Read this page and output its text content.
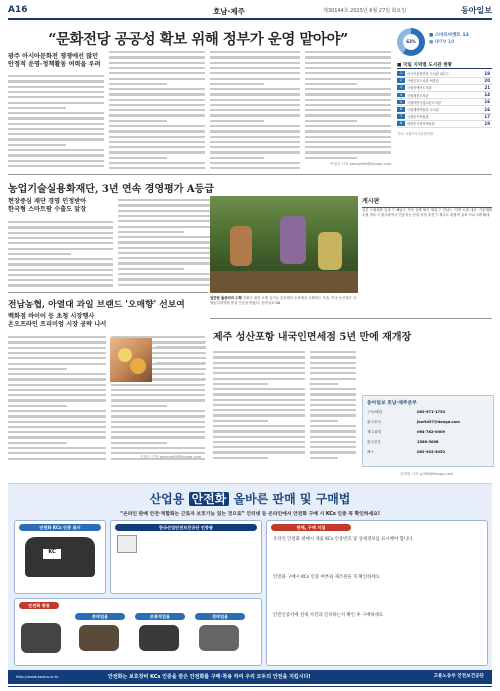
A16	호남·제주	제30144호 2025년 6월 27일 화요일	동아일보
“문화전당 공공성 확보 위해 정부가 운영 맡아야”
광주 아시아문화전 쟁쟁에선 많던
안정적 운영·정책활동 여력을 우려
이형주 기자 peneye09@donga.com
63%
■ 스마트마켓트 13
■ IPTV 18
■ 국립 지역별 도서관 현황
1	아시아문화전당 도서관 (광주)	18
2	국립중앙도서관 세종관	20
3	국립장애인도서관	21
4	국립세종도서관	14
5	국립어린이청소년도서관	16
6	국립해양박물관 도서관	16
7	국립민속박물관	17
8	대한민국역사박물관	19
자료: 국립아시아문화전당
농업기술실용화재단, 3년 연속 경영평가 A등급
현장중심 재단 경영 인정받아
한국형 스마트팜 수출도 앞장
전남농협, 아열대 과일 브랜드 '오매향' 선보여
백화점 바이어 등 초청 시장행사
온오프라인 프리미엄 시장 공략 나서
이형주 기자 peneye09@donga.com
일꾼한 돌준비의 수확 강원도 평창 소재 유기농 블루베리 농장에서 수확하는 모습. 이곳 농산물은 국립농업과학원 품질 인증을 받았다. 동아일보 DB
게시판
일본 드림피플 등과 ▽ 해남군 지역 상생 협약 체결 ▽ 전남도 '지역 소멸 대응' 기본계획 수립 착수 ▽ 광주광역시 인공지능 산업 육성 추진 ▽ 제주도 관광객 유치 프로그램 확대
동아일보 호남·제주본부
구독/배달	062-971-1733
광고문의	jkw9457@donga.com
제주취재	064-782-0009
광주본부	1588-3008
팩스	062-992-3052
제주 성산포항 내국인면세점 5년 만에 재개장
임재영 기자 jy788@donga.com
산업용 안전화 올바른 판매 및 구매법
“온라인 판매 안전·적합화는 근로자 보호기능 있는 것으로” 인터넷 등 온라인에서 안전화 구매 시 KCs 인증 꼭 확인하세요!
안전화 KCs 인증 표시
KC
한국산업안전보건공단 인증품
안전화 종류
중작업용	보통작업용	경작업용
판매, 구매 지침
온라인 안전화 판매시 제품 KCs 인증번호 및 상세정보를 표시해야 합니다
안전화 구매시 KCs 인증 여부와 제조원을 꼭 확인하세요
안전인증서에 실제 사진과 일치하는지 확인 후 구매하세요
http://www.kosha.or.kr	안전화는 보호장비 KCs 인증을 받은 안전화를 구매·착용 하여 우리 모두의 안전을 지킵시다!	고용노동부 안전보건공단
